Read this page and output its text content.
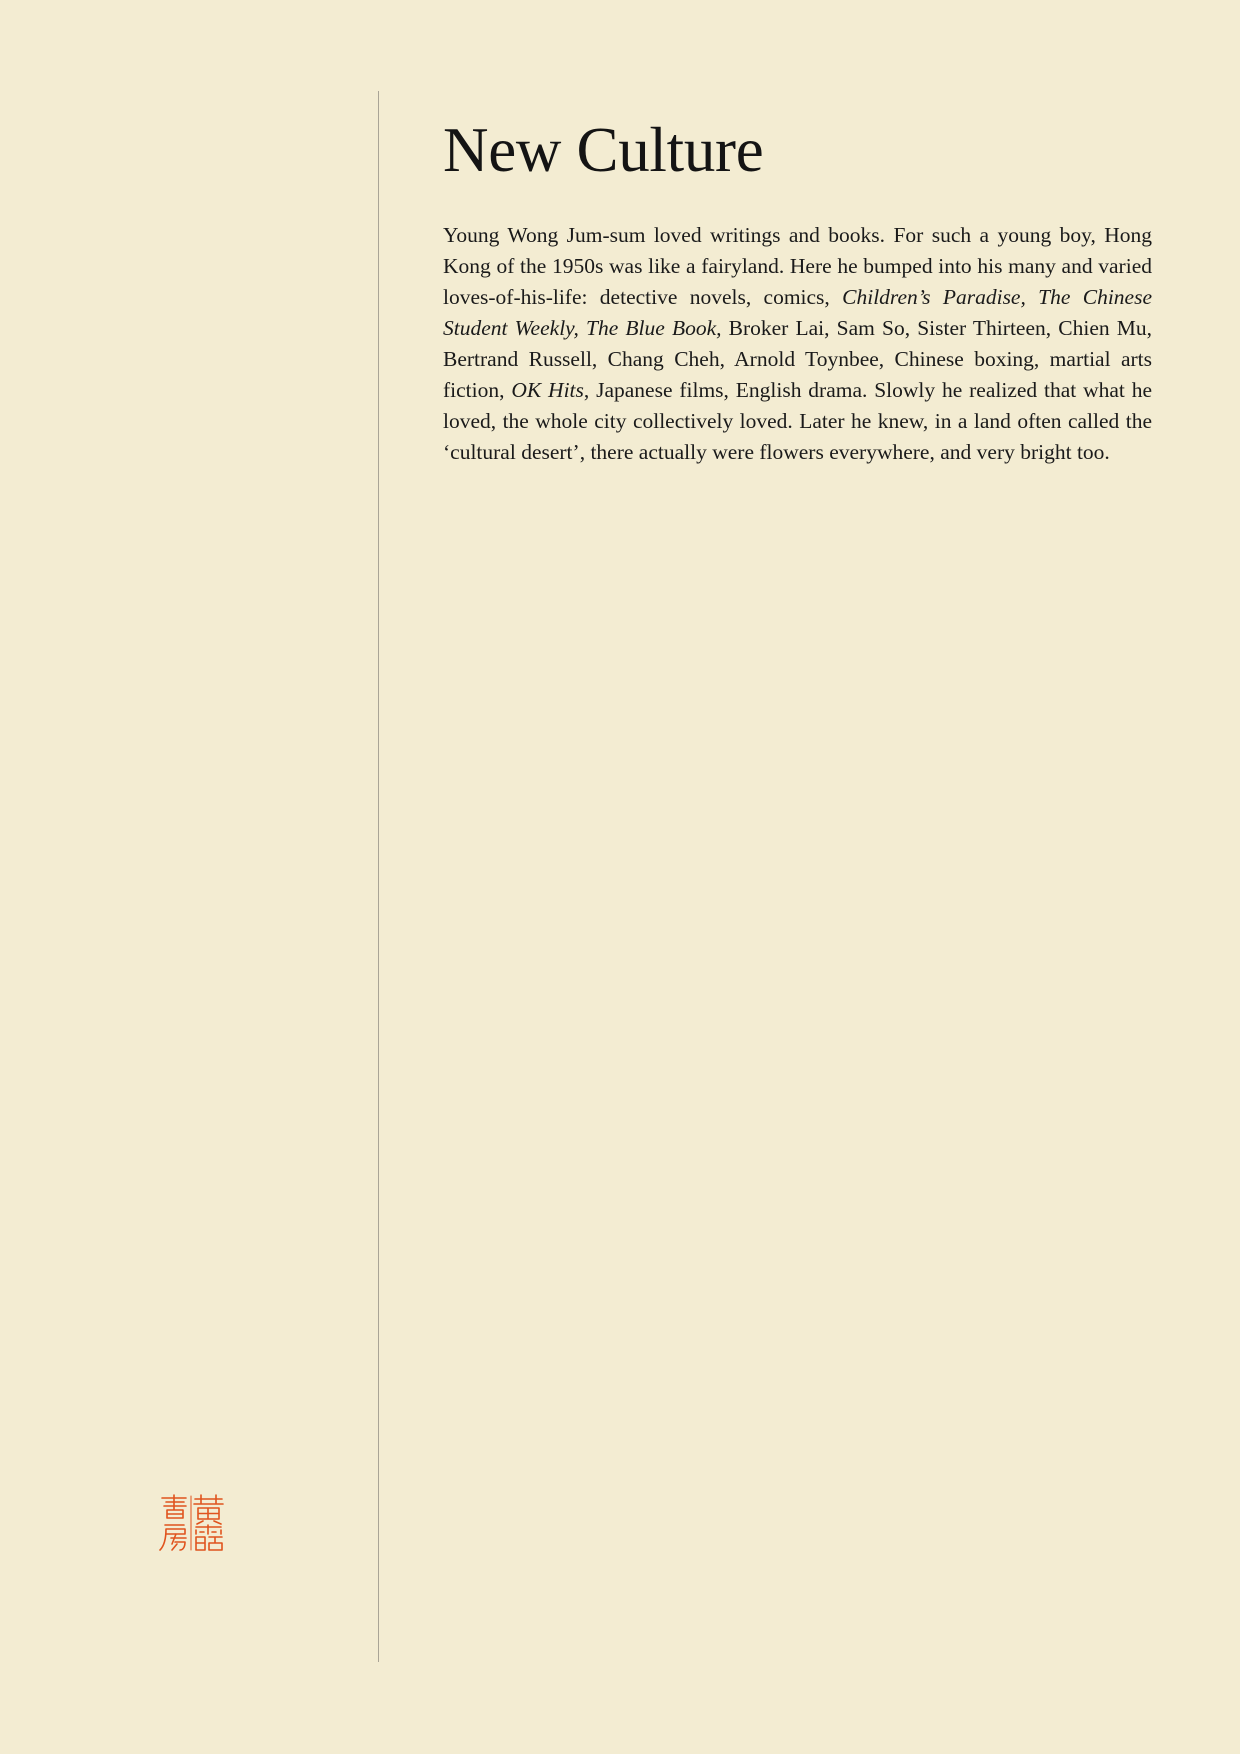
New Culture

Young Wong Jum-sum loved writings and books. For such a young boy, Hong Kong of the 1950s was like a fairyland. Here he bumped into his many and varied loves-of-his-life: detective novels, comics, Children’s Paradise, The Chinese Student Weekly, The Blue Book, Broker Lai, Sam So, Sister Thirteen, Chien Mu, Bertrand Russell, Chang Cheh, Arnold Toynbee, Chinese boxing, martial arts fiction, OK Hits, Japanese films, English drama. Slowly he realized that what he loved, the whole city collectively loved. Later he knew, in a land often called the ‘cultural desert’, there actually were flowers everywhere, and very bright too.
